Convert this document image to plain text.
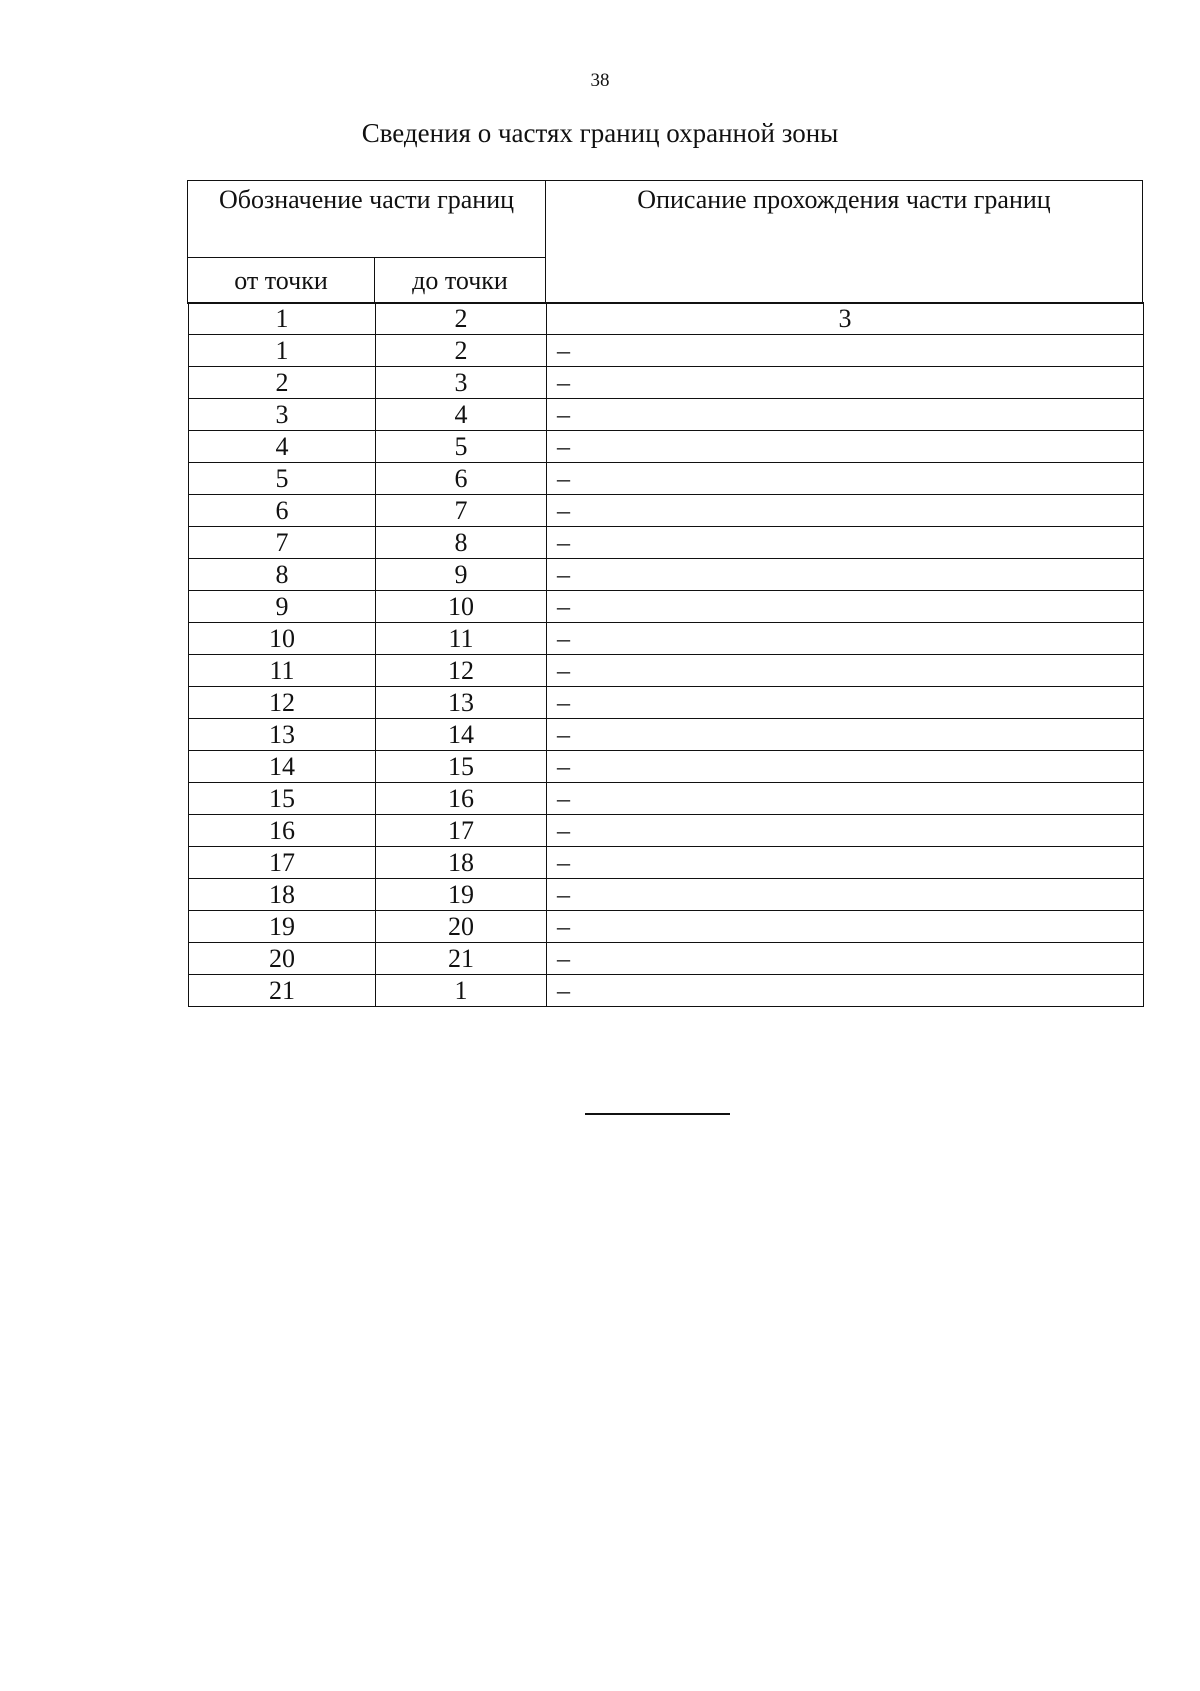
38
Сведения о частях границ охранной зоны
Обозначение части границ		Описание прохождения части границ
от точки	до точки	
1	2	3
1	2	–
2	3	–
3	4	–
4	5	–
5	6	–
6	7	–
7	8	–
8	9	–
9	10	–
10	11	–
11	12	–
12	13	–
13	14	–
14	15	–
15	16	–
16	17	–
17	18	–
18	19	–
19	20	–
20	21	–
21	1	–
